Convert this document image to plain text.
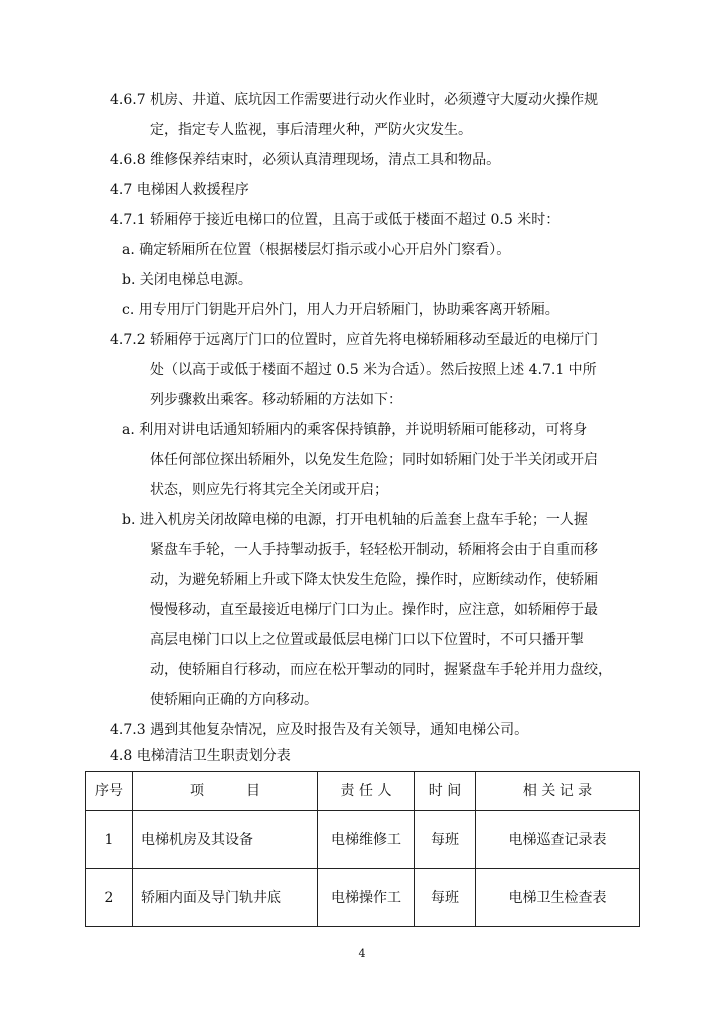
4.6.7 机房、井道、底坑因工作需要进行动火作业时，必须遵守大厦动火操作规
定，指定专人监视，事后清理火种，严防火灾发生。
4.6.8 维修保养结束时，必须认真清理现场，清点工具和物品。
4.7 电梯困人救援程序
4.7.1 轿厢停于接近电梯口的位置，且高于或低于楼面不超过 0.5 米时：
a. 确定轿厢所在位置（根据楼层灯指示或小心开启外门察看）。
b. 关闭电梯总电源。
c. 用专用厅门钥匙开启外门，用人力开启轿厢门，协助乘客离开轿厢。
4.7.2 轿厢停于远离厅门口的位置时，应首先将电梯轿厢移动至最近的电梯厅门
处（以高于或低于楼面不超过 0.5 米为合适）。然后按照上述 4.7.1 中所
列步骤救出乘客。移动轿厢的方法如下：
a. 利用对讲电话通知轿厢内的乘客保持镇静，并说明轿厢可能移动，可将身
体任何部位探出轿厢外，以免发生危险；同时如轿厢门处于半关闭或开启
状态，则应先行将其完全关闭或开启；
b. 进入机房关闭故障电梯的电源，打开电机轴的后盖套上盘车手轮；一人握
紧盘车手轮，一人手持掣动扳手，轻轻松开制动，轿厢将会由于自重而移
动，为避免轿厢上升或下降太快发生危险，操作时，应断续动作，使轿厢
慢慢移动，直至最接近电梯厅门口为止。操作时，应注意，如轿厢停于最
高层电梯门口以上之位置或最低层电梯门口以下位置时，不可只播开掣
动，使轿厢自行移动，而应在松开掣动的同时，握紧盘车手轮并用力盘绞，
使轿厢向正确的方向移动。
4.7.3 遇到其他复杂情况，应及时报告及有关领导，通知电梯公司。
4.8 电梯清洁卫生职责划分表
序号	项　　　目	责 任 人	时 间	相 关 记 录
1	电梯机房及其设备	电梯维修工	每班	电梯巡查记录表
2	轿厢内面及导门轨井底	电梯操作工	每班	电梯卫生检查表
4
